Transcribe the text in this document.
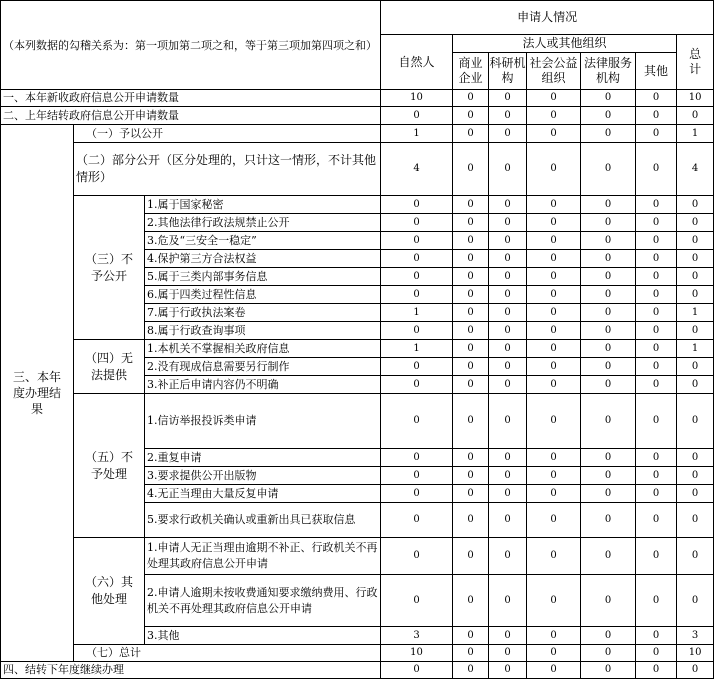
（本列数据的勾稽关系为：第一项加第二项之和，等于第三项加第四项之和）			申请人情况						
			自然人	法人或其他组织					总计
				商业企业	科研机构	社会公益组织	法律服务机构	其他	
一、本年新收政府信息公开申请数量			10	0	0	0	0	0	10
二、上年结转政府信息公开申请数量			0	0	0	0	0	0	0
三、本年度办理结果	（一）予以公开		1	0	0	0	0	0	1
	（二）部分公开（区分处理的，只计这一情形，不计其他情形）		4	0	0	0	0	0	4
	（三）不予公开	1.属于国家秘密	0	0	0	0	0	0	0
		2.其他法律行政法规禁止公开	0	0	0	0	0	0	0
		3.危及“三安全一稳定”	0	0	0	0	0	0	0
		4.保护第三方合法权益	0	0	0	0	0	0	0
		5.属于三类内部事务信息	0	0	0	0	0	0	0
		6.属于四类过程性信息	0	0	0	0	0	0	0
		7.属于行政执法案卷	1	0	0	0	0	0	1
		8.属于行政查询事项	0	0	0	0	0	0	0
	（四）无法提供	1.本机关不掌握相关政府信息	1	0	0	0	0	0	1
		2.没有现成信息需要另行制作	0	0	0	0	0	0	0
		3.补正后申请内容仍不明确	0	0	0	0	0	0	0
	（五）不予处理	1.信访举报投诉类申请	0	0	0	0	0	0	0
		2.重复申请	0	0	0	0	0	0	0
		3.要求提供公开出版物	0	0	0	0	0	0	0
		4.无正当理由大量反复申请	0	0	0	0	0	0	0
		5.要求行政机关确认或重新出具已获取信息	0	0	0	0	0	0	0
	（六）其他处理	1.申请人无正当理由逾期不补正、行政机关不再处理其政府信息公开申请	0	0	0	0	0	0	0
		2.申请人逾期未按收费通知要求缴纳费用、行政机关不再处理其政府信息公开申请	0	0	0	0	0	0	0
		3.其他	3	0	0	0	0	0	3
	（七）总计		10	0	0	0	0	0	10
四、结转下年度继续办理			0	0	0	0	0	0	0
